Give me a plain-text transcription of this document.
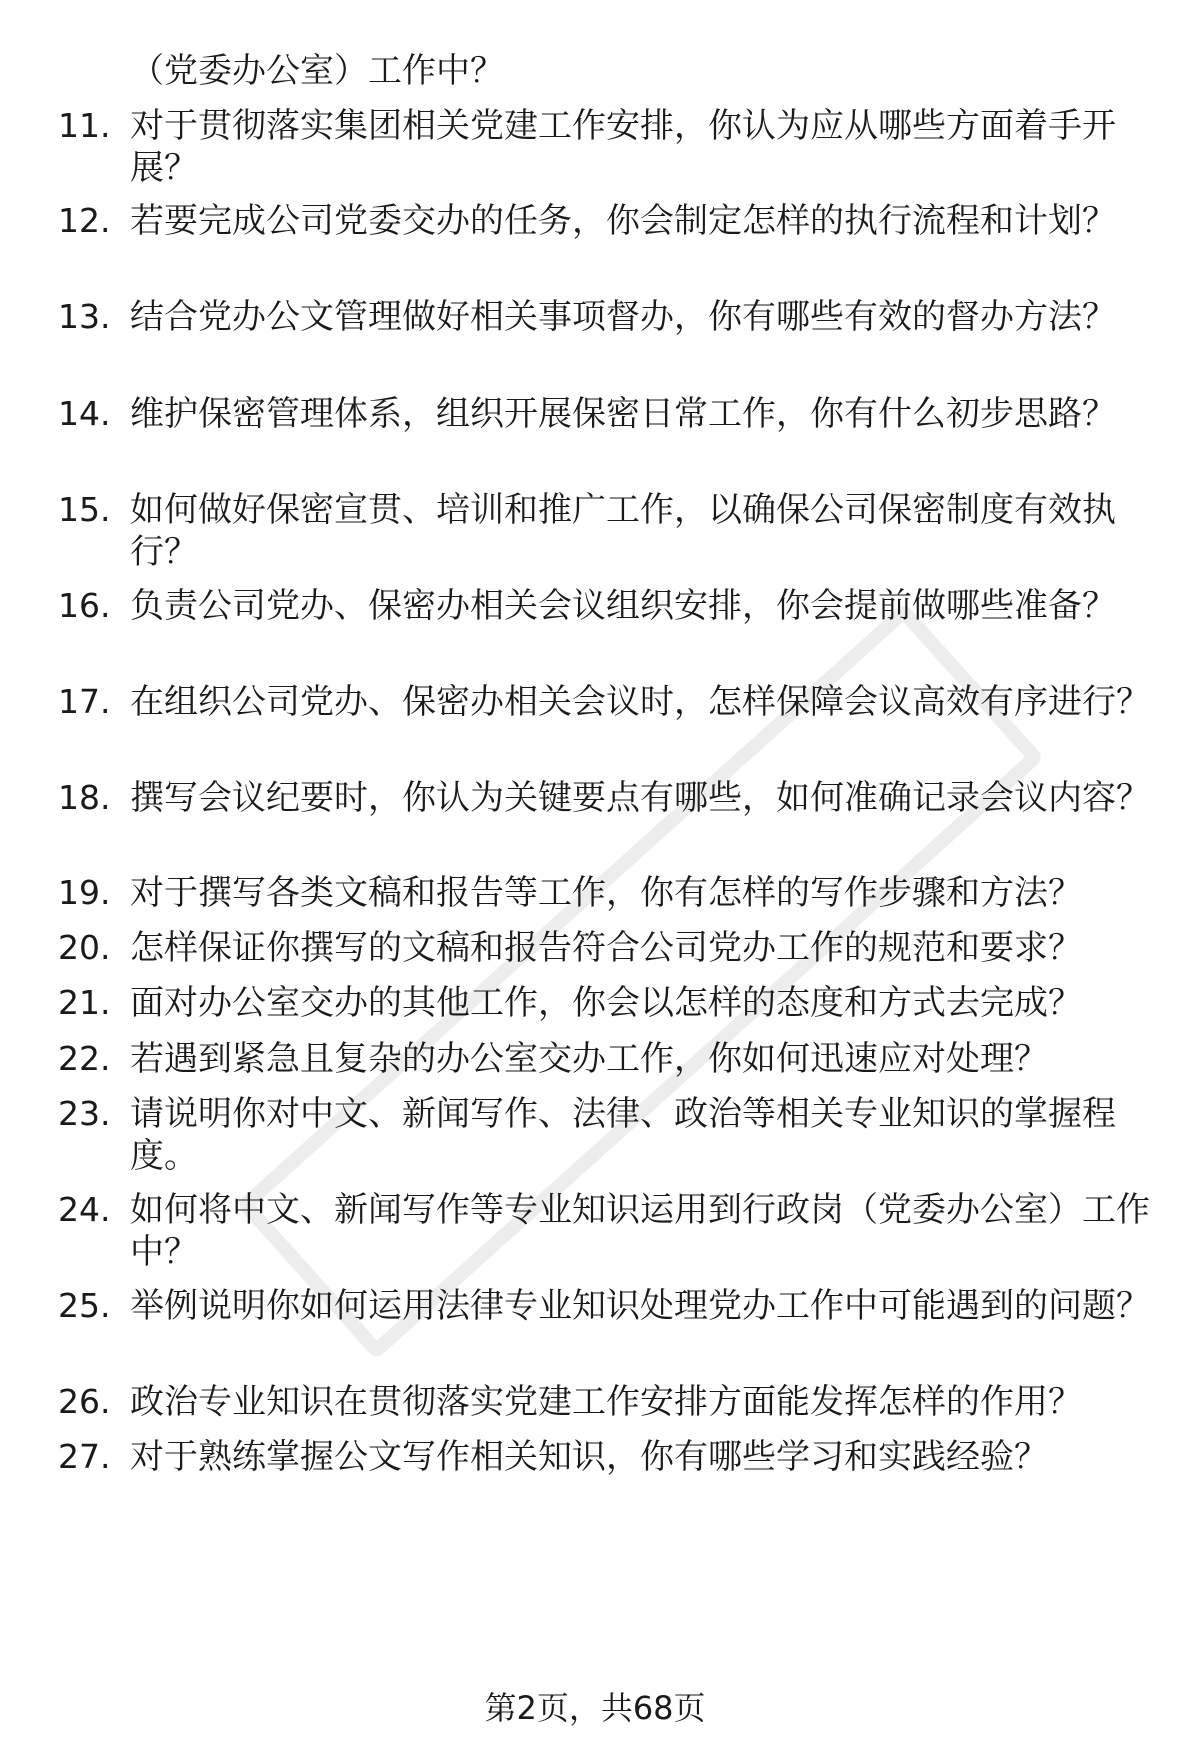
（党委办公室）工作中？
11. 对于贯彻落实集团相关党建工作安排，你认为应从哪些方面着手开展？
12. 若要完成公司党委交办的任务，你会制定怎样的执行流程和计划？
13. 结合党办公文管理做好相关事项督办，你有哪些有效的督办方法？
14. 维护保密管理体系，组织开展保密日常工作，你有什么初步思路？
15. 如何做好保密宣贯、培训和推广工作，以确保公司保密制度有效执行？
16. 负责公司党办、保密办相关会议组织安排，你会提前做哪些准备？
17. 在组织公司党办、保密办相关会议时，怎样保障会议高效有序进行？
18. 撰写会议纪要时，你认为关键要点有哪些，如何准确记录会议内容？
19. 对于撰写各类文稿和报告等工作，你有怎样的写作步骤和方法？
20. 怎样保证你撰写的文稿和报告符合公司党办工作的规范和要求？
21. 面对办公室交办的其他工作，你会以怎样的态度和方式去完成？
22. 若遇到紧急且复杂的办公室交办工作，你如何迅速应对处理？
23. 请说明你对中文、新闻写作、法律、政治等相关专业知识的掌握程度。
24. 如何将中文、新闻写作等专业知识运用到行政岗（党委办公室）工作中？
25. 举例说明你如何运用法律专业知识处理党办工作中可能遇到的问题？
26. 政治专业知识在贯彻落实党建工作安排方面能发挥怎样的作用？
27. 对于熟练掌握公文写作相关知识，你有哪些学习和实践经验？
第2页，共68页
